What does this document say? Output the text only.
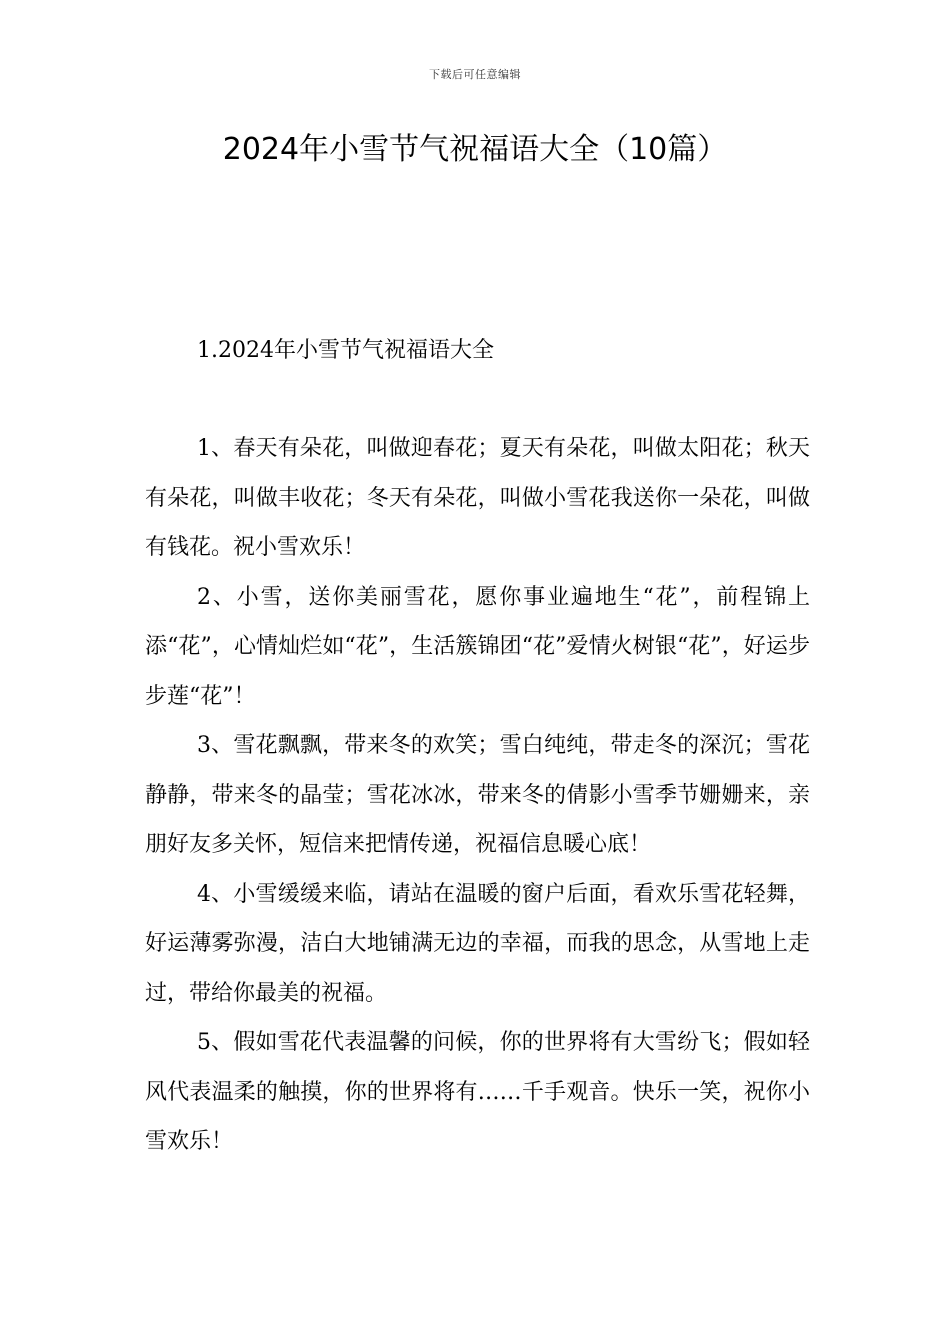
下载后可任意编辑
2024年小雪节气祝福语大全（10篇）
1.2024年小雪节气祝福语大全

1、春天有朵花，叫做迎春花；夏天有朵花，叫做太阳花；秋天有朵花，叫做丰收花；冬天有朵花，叫做小雪花我送你一朵花，叫做有钱花。祝小雪欢乐！

2、小雪，送你美丽雪花，愿你事业遍地生“花”，前程锦上添“花”，心情灿烂如“花”，生活簇锦团“花”爱情火树银“花”，好运步步莲“花”！

3、雪花飘飘，带来冬的欢笑；雪白纯纯，带走冬的深沉；雪花静静，带来冬的晶莹；雪花冰冰，带来冬的倩影小雪季节姗姗来，亲朋好友多关怀，短信来把情传递，祝福信息暖心底！

4、小雪缓缓来临，请站在温暖的窗户后面，看欢乐雪花轻舞，好运薄雾弥漫，洁白大地铺满无边的幸福，而我的思念，从雪地上走过，带给你最美的祝福。

5、假如雪花代表温馨的问候，你的世界将有大雪纷飞；假如轻风代表温柔的触摸，你的世界将有……千手观音。快乐一笑，祝你小雪欢乐！
